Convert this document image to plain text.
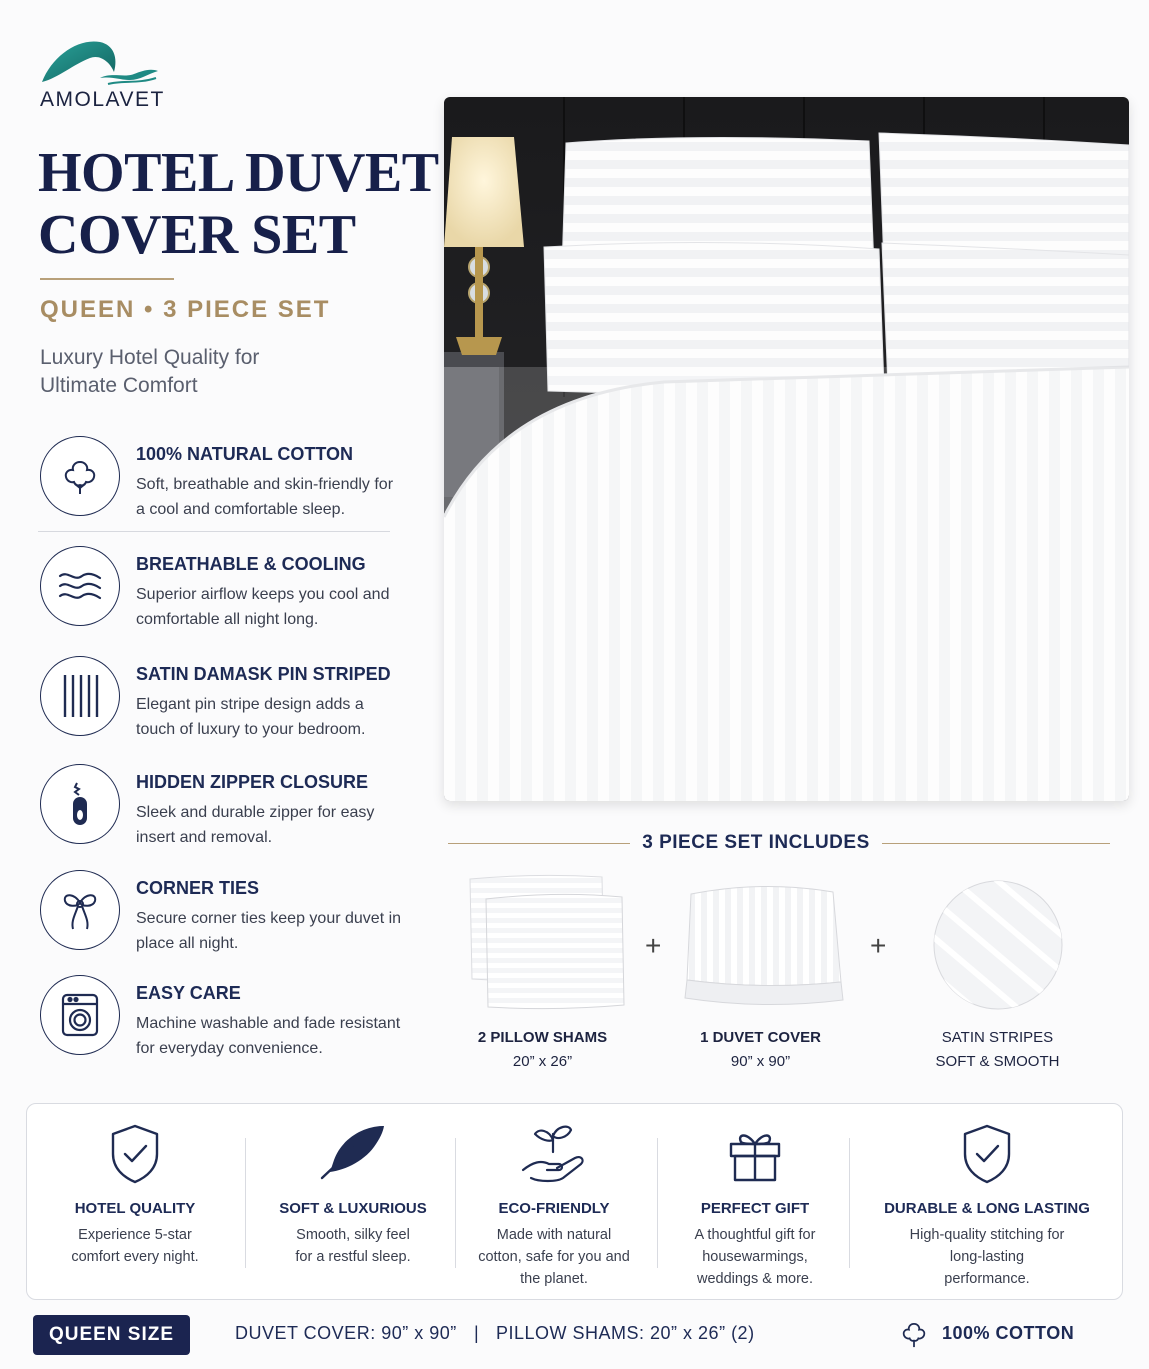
AMOLAVET
HOTEL DUVET
COVER SET
QUEEN • 3 PIECE SET
Luxury Hotel Quality for Ultimate Comfort
100% NATURAL COTTON
Soft, breathable and skin-friendly for a cool and comfortable sleep.
BREATHABLE & COOLING
Superior airflow keeps you cool and comfortable all night long.
SATIN DAMASK PIN STRIPED
Elegant pin stripe design adds a touch of luxury to your bedroom.
HIDDEN ZIPPER CLOSURE
Sleek and durable zipper for easy insert and removal.
CORNER TIES
Secure corner ties keep your duvet in place all night.
EASY CARE
Machine washable and fade resistant for everyday convenience.
3 PIECE SET INCLUDES
+	+
2 PILLOW SHAMS
20” x 26”
1 DUVET COVER
90” x 90”
SATIN STRIPES
SOFT & SMOOTH
HOTEL QUALITY
Experience 5-star comfort every night.
SOFT & LUXURIOUS
Smooth, silky feel for a restful sleep.
ECO-FRIENDLY
Made with natural cotton, safe for you and the planet.
PERFECT GIFT
A thoughtful gift for housewarmings, weddings & more.
DURABLE & LONG LASTING
High-quality stitching for long-lasting performance.
QUEEN SIZE	DUVET COVER: 90” x 90” | PILLOW SHAMS: 20” x 26” (2)	100% COTTON
